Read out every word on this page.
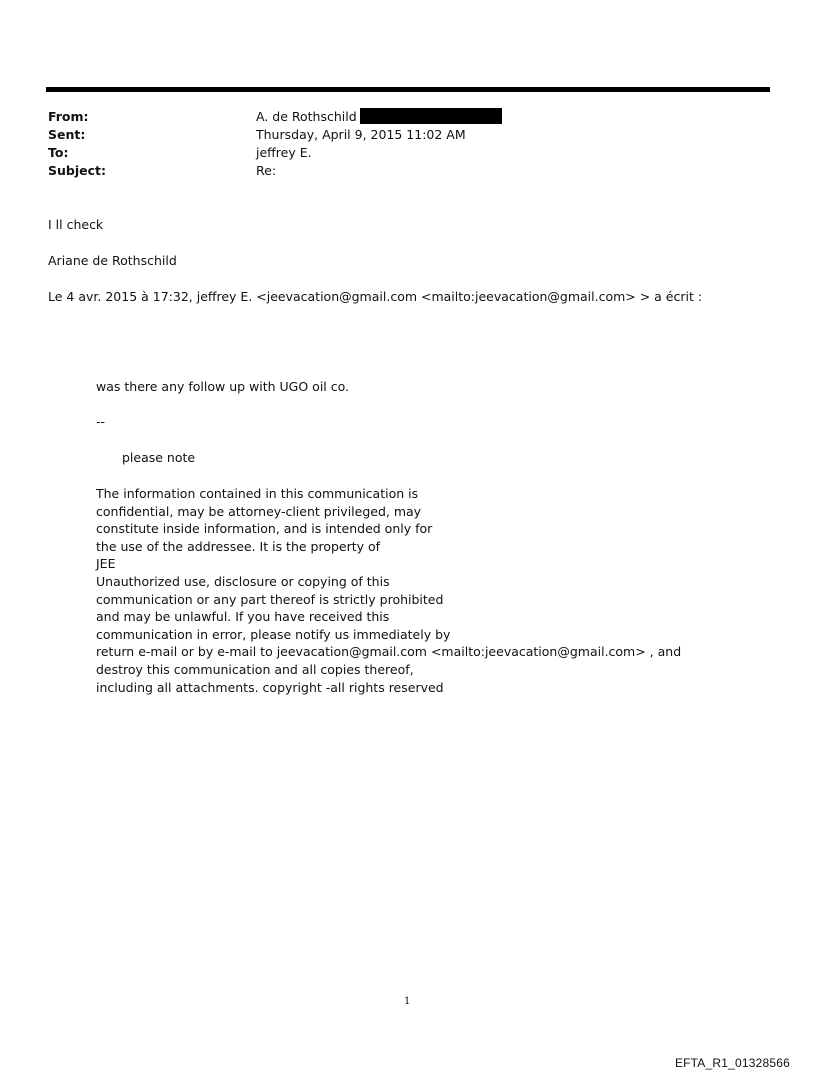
From:	A. de Rothschild
Sent:	Thursday, April 9, 2015 11:02 AM
To:	jeffrey E.
Subject:	Re:
I ll check
Ariane de Rothschild
Le 4 avr. 2015 à 17:32, jeffrey E. <jeevacation@gmail.com <mailto:jeevacation@gmail.com> > a écrit :
was there any follow up with UGO oil co.
--
please note
The information contained in this communication is
confidential, may be attorney-client privileged, may
constitute inside information, and is intended only for
the use of the addressee. It is the property of
JEE
Unauthorized use, disclosure or copying of this
communication or any part thereof is strictly prohibited
and may be unlawful. If you have received this
communication in error, please notify us immediately by
return e-mail or by e-mail to jeevacation@gmail.com <mailto:jeevacation@gmail.com> , and
destroy this communication and all copies thereof,
including all attachments. copyright -all rights reserved
1
EFTA_R1_01328566
